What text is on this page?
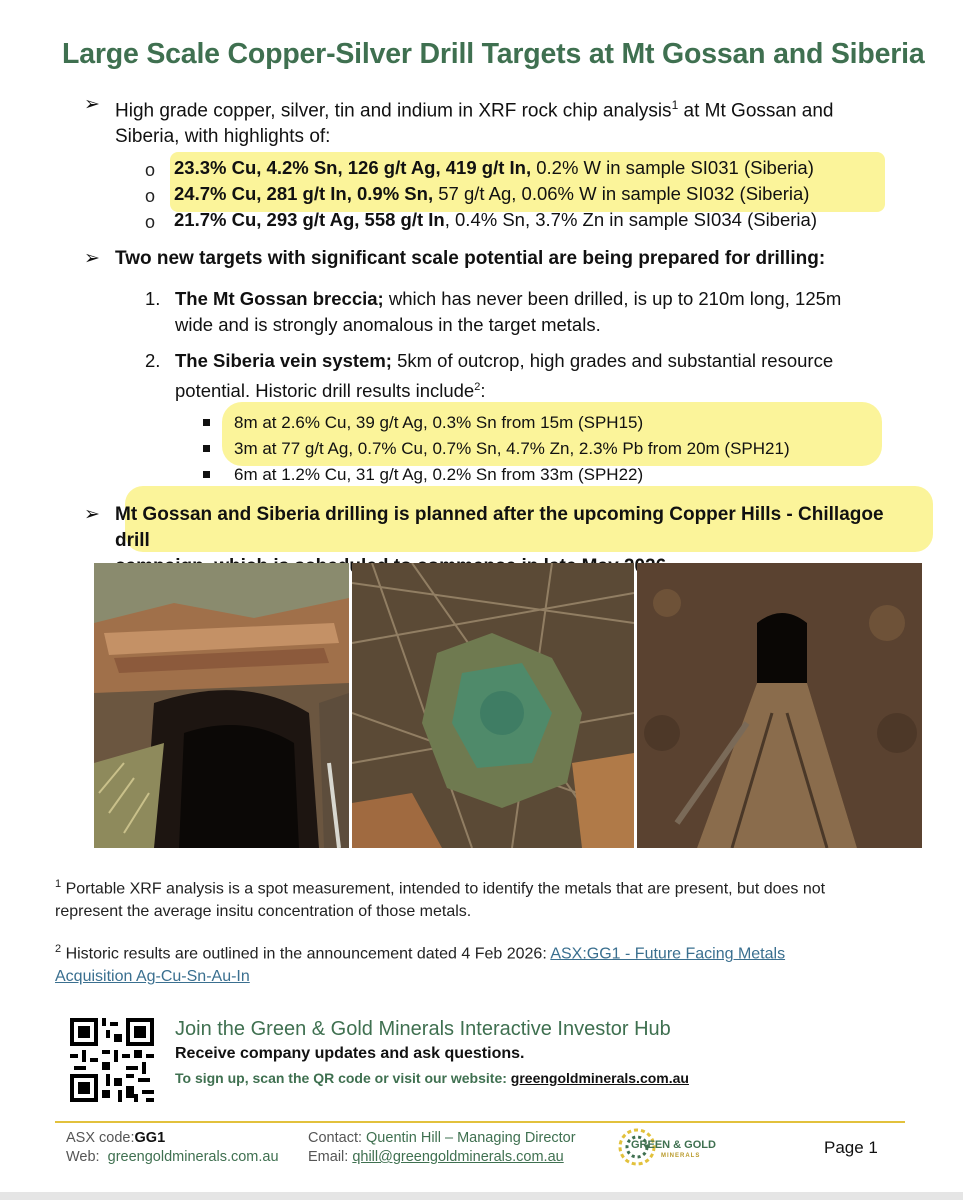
Large Scale Copper-Silver Drill Targets at Mt Gossan and Siberia
➢ High grade copper, silver, tin and indium in XRF rock chip analysis$^1$ at Mt Gossan and
Siberia, with highlights of:
o 23.3% Cu, 4.2% Sn, 126 g/t Ag, 419 g/t In, 0.2% W in sample SI031 (Siberia)
o 24.7% Cu, 281 g/t In, 0.9% Sn, 57 g/t Ag, 0.06% W in sample SI032 (Siberia)
o 21.7% Cu, 293 g/t Ag, 558 g/t In, 0.4% Sn, 3.7% Zn in sample SI034 (Siberia)
➢ Two new targets with significant scale potential are being prepared for drilling:
1. The Mt Gossan breccia; which has never been drilled, is up to 210m long, 125m
wide and is strongly anomalous in the target metals.
2. The Siberia vein system; 5km of outcrop, high grades and substantial resource
potential. Historic drill results include$^2$:
8m at 2.6% Cu, 39 g/t Ag, 0.3% Sn from 15m (SPH15)
3m at 77 g/t Ag, 0.7% Cu, 0.7% Sn, 4.7% Zn, 2.3% Pb from 20m (SPH21)
6m at 1.2% Cu, 31 g/t Ag, 0.2% Sn from 33m (SPH22)
➢ Mt Gossan and Siberia drilling is planned after the upcoming Copper Hills - Chillagoe drill

$^1$ Portable XRF analysis is a spot measurement, intended to identify the metals that are present, but does not
represent the average insitu concentration of those metals.
$^2$ Historic results are outlined in the announcement dated 4 Feb 2026: ASX:GG1 - Future Facing Metals
Acquisition Ag-Cu-Sn-Au-In
Join the Green & Gold Minerals Interactive Investor Hub
Receive company updates and ask questions.
To sign up, scan the QR code or visit our website: greengoldminerals.com.au
ASX code:GG1
Web: greengoldminerals.com.au
Contact: Quentin Hill – Managing Director
Email: qhill@greengoldminerals.com.au
GREEN & GOLD
MINERALS	Page 1
